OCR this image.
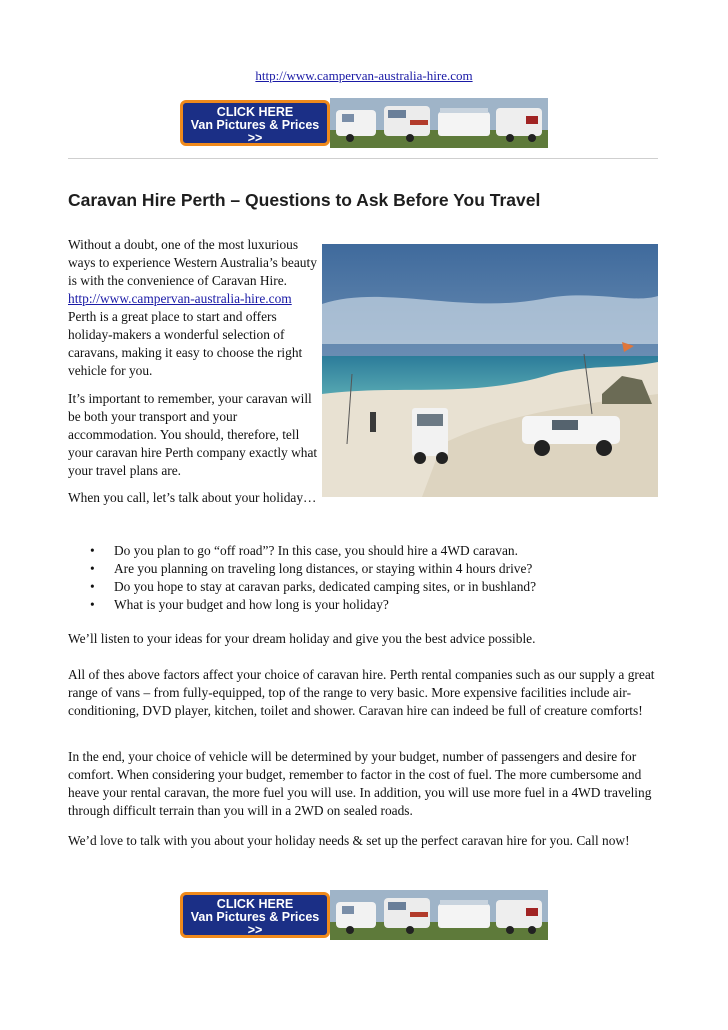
http://www.campervan-australia-hire.com
CLICK HERE
Van Pictures & Prices
>>
Caravan Hire Perth – Questions to Ask Before You Travel

Without a doubt, one of the most luxurious ways to experience Western Australia’s beauty is with the convenience of Caravan Hire. http://www.campervan-australia-hire.com Perth is a great place to start and offers holiday-makers a wonderful selection of caravans, making it easy to choose the right vehicle for you.

It’s important to remember, your caravan will be both your transport and your accommodation. You should, therefore, tell your caravan hire Perth company exactly what your travel plans are.

When you call, let’s talk about your holiday…

• Do you plan to go “off road”? In this case, you should hire a 4WD caravan.
• Are you planning on traveling long distances, or staying within 4 hours drive?
• Do you hope to stay at caravan parks, dedicated camping sites, or in bushland?
• What is your budget and how long is your holiday?

We’ll listen to your ideas for your dream holiday and give you the best advice possible.

All of thes above factors affect your choice of caravan hire. Perth rental companies such as our supply a great range of vans – from fully-equipped, top of the range to very basic. More expensive facilities include air-conditioning, DVD player, kitchen, toilet and shower. Caravan hire can indeed be full of creature comforts!

In the end, your choice of vehicle will be determined by your budget, number of passengers and desire for comfort. When considering your budget, remember to factor in the cost of fuel. The more cumbersome and heave your rental caravan, the more fuel you will use. In addition, you will use more fuel in a 4WD traveling through difficult terrain than you will in a 2WD on sealed roads.

We’d love to talk with you about your holiday needs & set up the perfect caravan hire for you. Call now!

CLICK HERE
Van Pictures & Prices
>>
